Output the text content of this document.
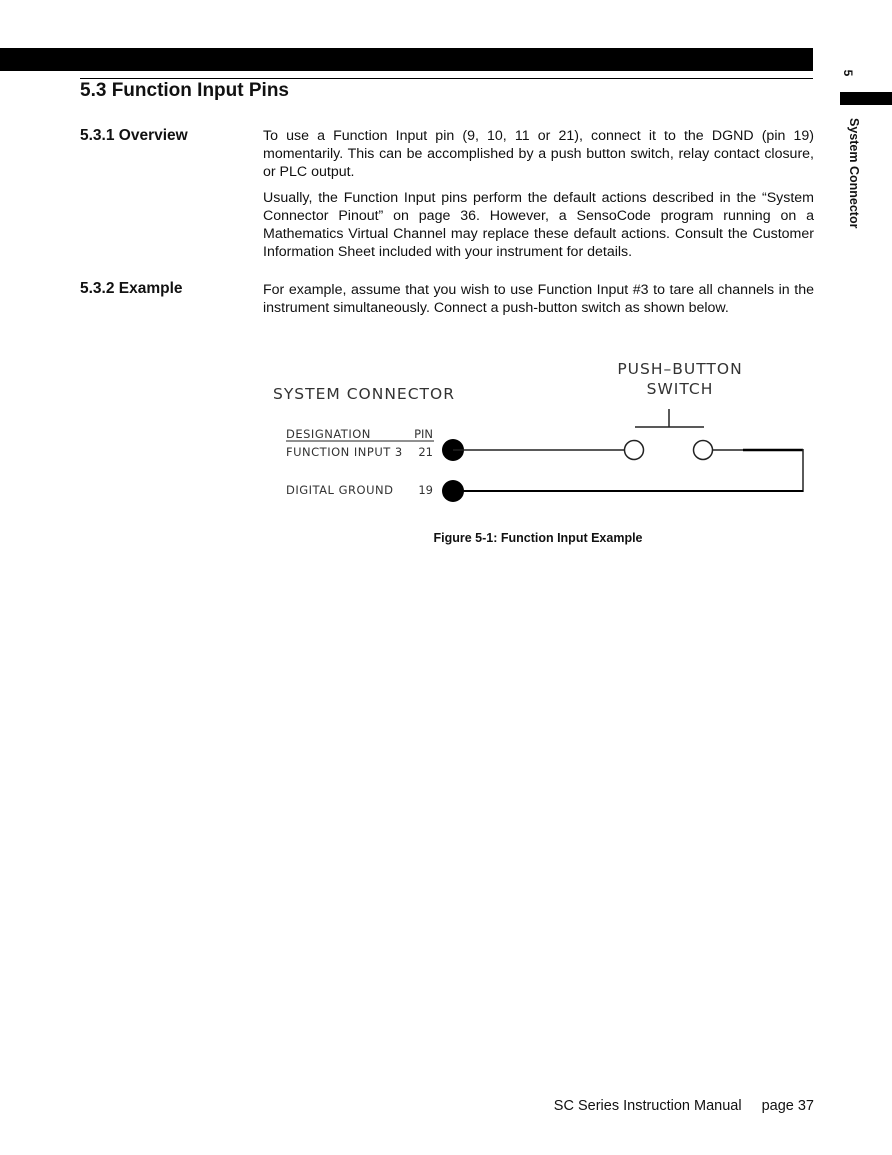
5
System Connector
5.3 Function Input Pins
5.3.1 Overview	To use a Function Input pin (9, 10, 11 or 21), connect it to the DGND (pin 19) momentarily. This can be accomplished by a push button switch, relay contact closure, or PLC output.

Usually, the Function Input pins perform the default actions described in the “System Connector Pinout” on page 36. However, a SensoCode program running on a Mathematics Virtual Channel may replace these default actions. Consult the Customer Information Sheet included with your instrument for details.

5.3.2 Example	For example, assume that you wish to use Function Input #3 to tare all channels in the instrument simultaneously. Connect a push-button switch as shown below.

SYSTEM CONNECTOR
PUSH–BUTTON
SWITCH
DESIGNATION	PIN
FUNCTION INPUT 3 21
DIGITAL GROUND 19
Figure 5-1: Function Input Example
SC Series Instruction Manual page 37
